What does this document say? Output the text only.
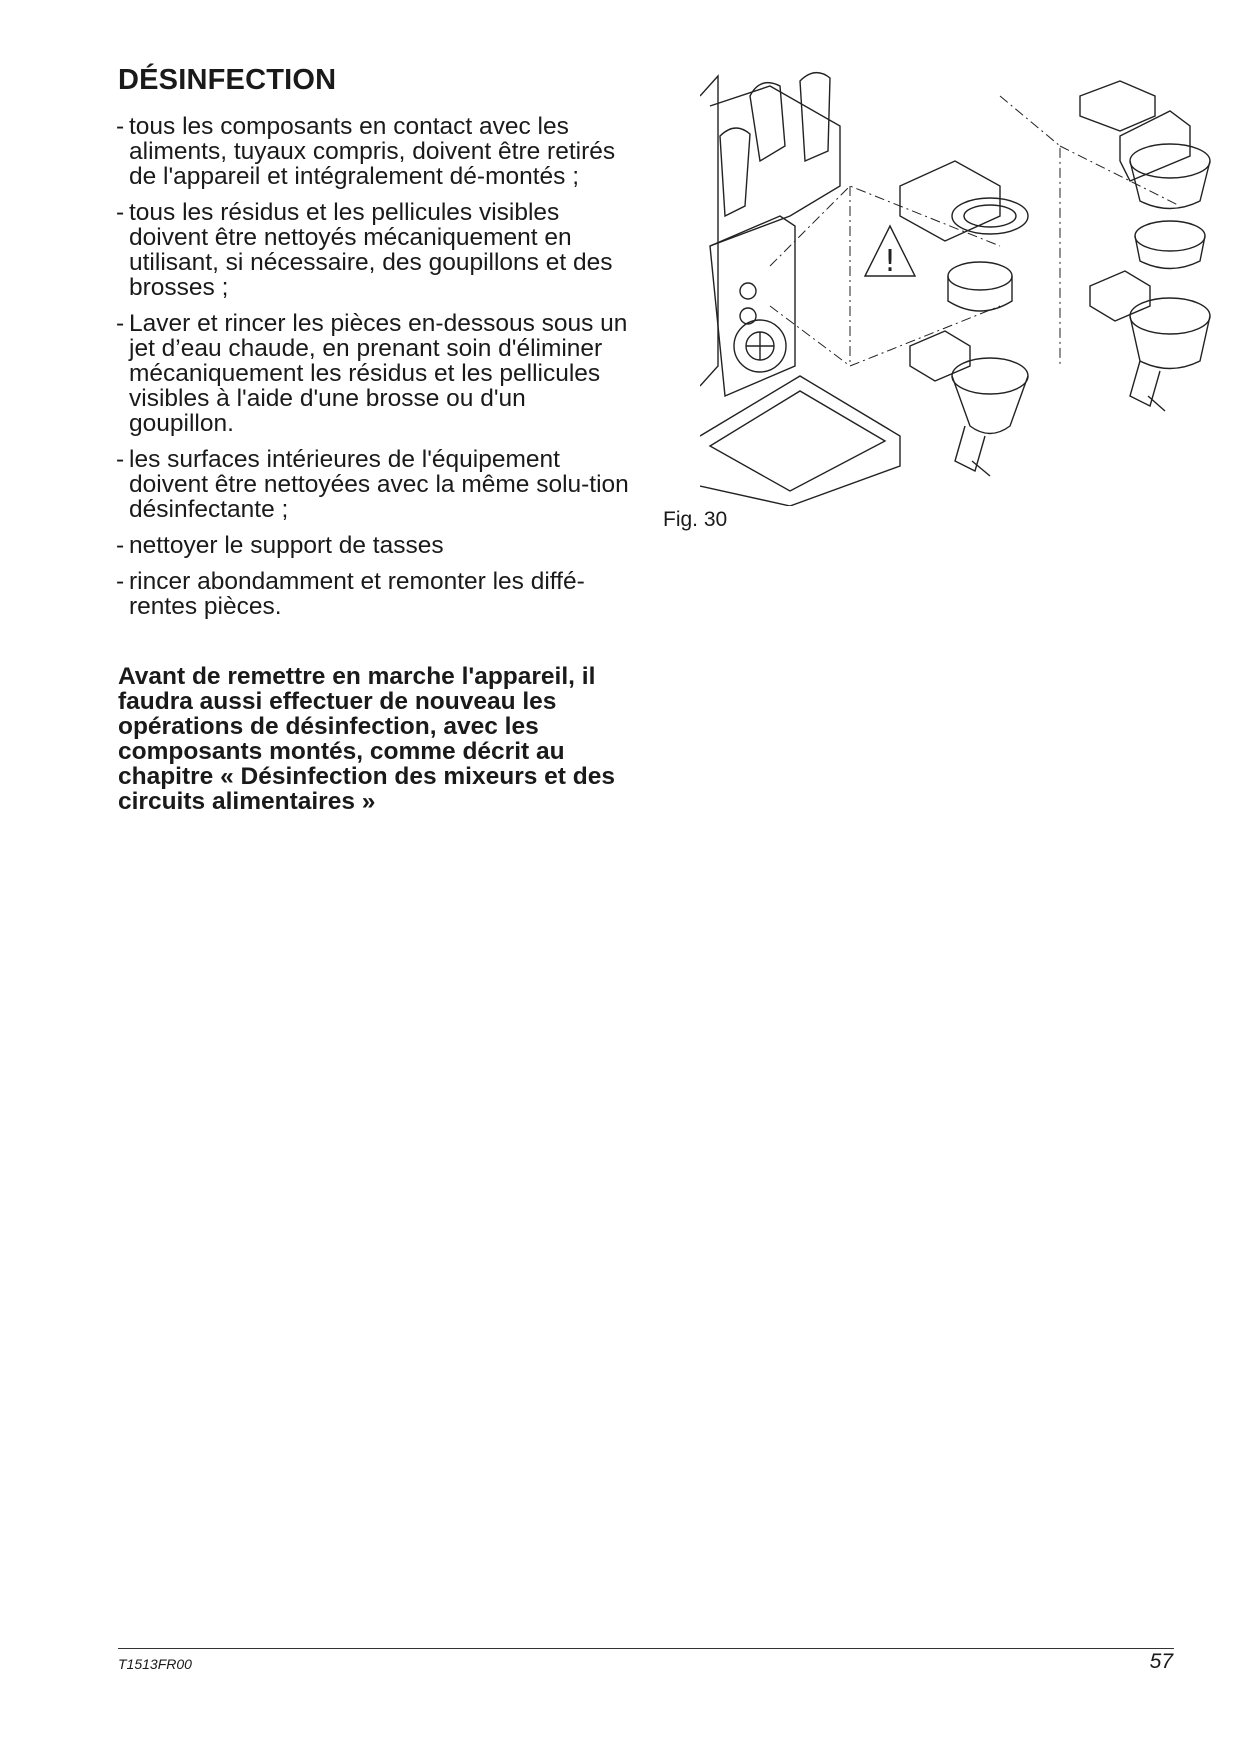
DÉSINFECTION
- tous les composants en contact avec les aliments, tuyaux compris, doivent être retirés de l'appareil et intégralement dé-montés ;
- tous les résidus et les pellicules visibles doivent être nettoyés mécaniquement en utilisant, si nécessaire, des goupillons et des brosses ;
- Laver et rincer les pièces en-dessous sous un jet d’eau chaude, en prenant soin d'éliminer mécaniquement les résidus et les pellicules visibles à l'aide d'une brosse ou d'un goupillon.
- les surfaces intérieures de l'équipement doivent être nettoyées avec la même solu-tion désinfectante ;
- nettoyer le support de tasses
- rincer abondamment et remonter les diffé-rentes pièces.

Avant de remettre en marche l'appareil, il faudra aussi effectuer de nouveau les opérations de désinfection, avec les composants montés, comme décrit au chapitre « Désinfection des mixeurs et des circuits alimentaires »

!
Fig. 30
T1513FR00	57
